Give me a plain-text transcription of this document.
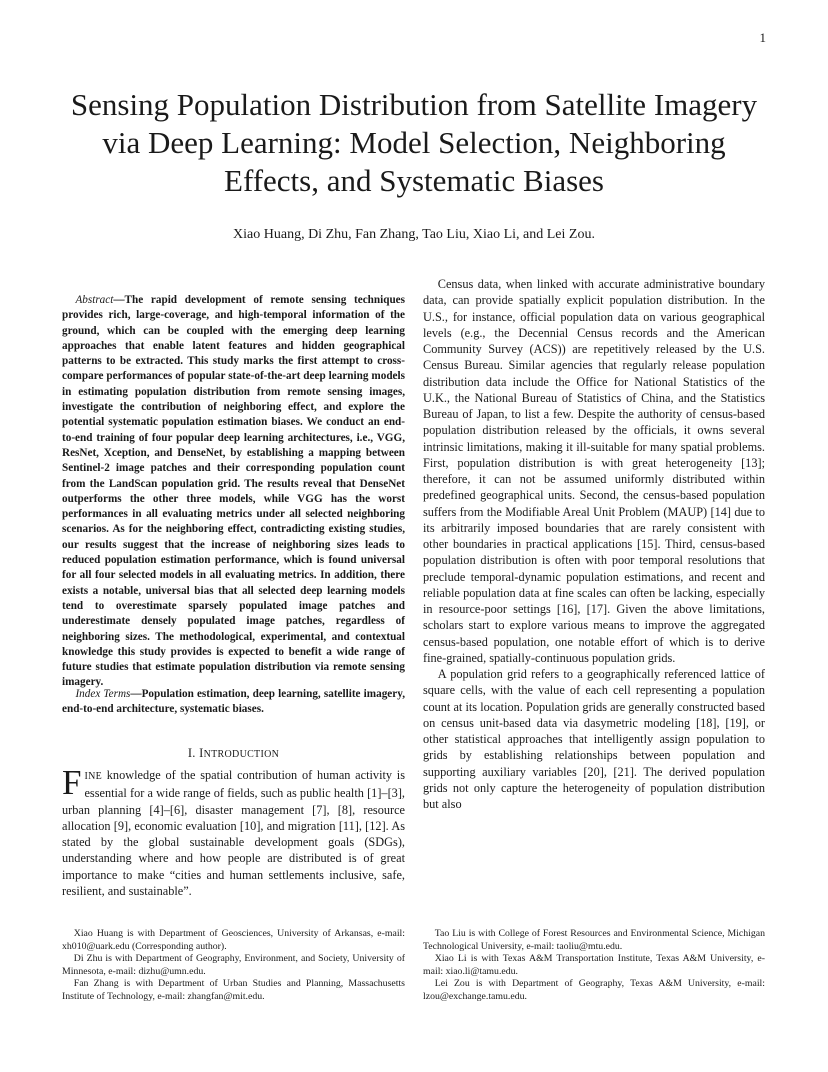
1
Sensing Population Distribution from Satellite Imagery via Deep Learning: Model Selection, Neighboring Effects, and Systematic Biases
Xiao Huang, Di Zhu, Fan Zhang, Tao Liu, Xiao Li, and Lei Zou.

Abstract—The rapid development of remote sensing techniques provides rich, large-coverage, and high-temporal information of the ground, which can be coupled with the emerging deep learning approaches that enable latent features and hidden geographical patterns to be extracted. This study marks the first attempt to cross-compare performances of popular state-of-the-art deep learning models in estimating population distribution from remote sensing images, investigate the contribution of neighboring effect, and explore the potential systematic population estimation biases. We conduct an end-to-end training of four popular deep learning architectures, i.e., VGG, ResNet, Xception, and DenseNet, by establishing a mapping between Sentinel-2 image patches and their corresponding population count from the LandScan population grid. The results reveal that DenseNet outperforms the other three models, while VGG has the worst performances in all evaluating metrics under all selected neighboring scenarios. As for the neighboring effect, contradicting existing studies, our results suggest that the increase of neighboring sizes leads to reduced population estimation performance, which is found universal for all four selected models in all evaluating metrics. In addition, there exists a notable, universal bias that all selected deep learning models tend to overestimate sparsely populated image patches and underestimate densely populated image patches, regardless of neighboring sizes. The methodological, experimental, and contextual knowledge this study provides is expected to benefit a wide range of future studies that estimate population distribution via remote sensing imagery.

Index Terms—Population estimation, deep learning, satellite imagery, end-to-end architecture, systematic biases.

I. INTRODUCTION

FINE knowledge of the spatial contribution of human activity is essential for a wide range of fields, such as public health [1]–[3], urban planning [4]–[6], disaster management [7], [8], resource allocation [9], economic evaluation [10], and migration [11], [12]. As stated by the global sustainable development goals (SDGs), understanding where and how people are distributed is of great importance to make “cities and human settlements inclusive, safe, resilient, and sustainable”.

Census data, when linked with accurate administrative boundary data, can provide spatially explicit population distribution. In the U.S., for instance, official population data on various geographical levels (e.g., the Decennial Census records and the American Community Survey (ACS)) are repetitively released by the U.S. Census Bureau. Similar agencies that regularly release population distribution data include the Office for National Statistics of the U.K., the National Bureau of Statistics of China, and the Statistics Bureau of Japan, to list a few. Despite the authority of census-based population distribution released by the officials, it owns several intrinsic limitations, making it ill-suitable for many spatial problems. First, population distribution is with great heterogeneity [13]; therefore, it can not be assumed uniformly distributed within predefined geographical units. Second, the census-based population suffers from the Modifiable Areal Unit Problem (MAUP) [14] due to its arbitrarily imposed boundaries that are rarely consistent with other boundaries in practical applications [15]. Third, census-based population distribution is often with poor temporal resolutions that preclude temporal-dynamic population estimations, and recent and reliable population data at fine scales can often be lacking, especially in resource-poor settings [16], [17]. Given the above limitations, scholars start to explore various means to improve the aggregated census-based population, one notable effort of which is to derive fine-grained, spatially-continuous population grids.

A population grid refers to a geographically referenced lattice of square cells, with the value of each cell representing a population count at its location. Population grids are generally constructed based on census unit-based data via dasymetric modeling [18], [19], or other statistical approaches that intelligently assign population to grids by establishing relationships between population and supporting auxiliary variables [20], [21]. The derived population grids not only capture the heterogeneity of population distribution but also

Xiao Huang is with Department of Geosciences, University of Arkansas, e-mail: xh010@uark.edu (Corresponding author).

Di Zhu is with Department of Geography, Environment, and Society, University of Minnesota, e-mail: dizhu@umn.edu.

Fan Zhang is with Department of Urban Studies and Planning, Massachusetts Institute of Technology, e-mail: zhangfan@mit.edu.

Tao Liu is with College of Forest Resources and Environmental Science, Michigan Technological University, e-mail: taoliu@mtu.edu.

Xiao Li is with Texas A&M Transportation Institute, Texas A&M University, e-mail: xiao.li@tamu.edu.

Lei Zou is with Department of Geography, Texas A&M University, e-mail: lzou@exchange.tamu.edu.
